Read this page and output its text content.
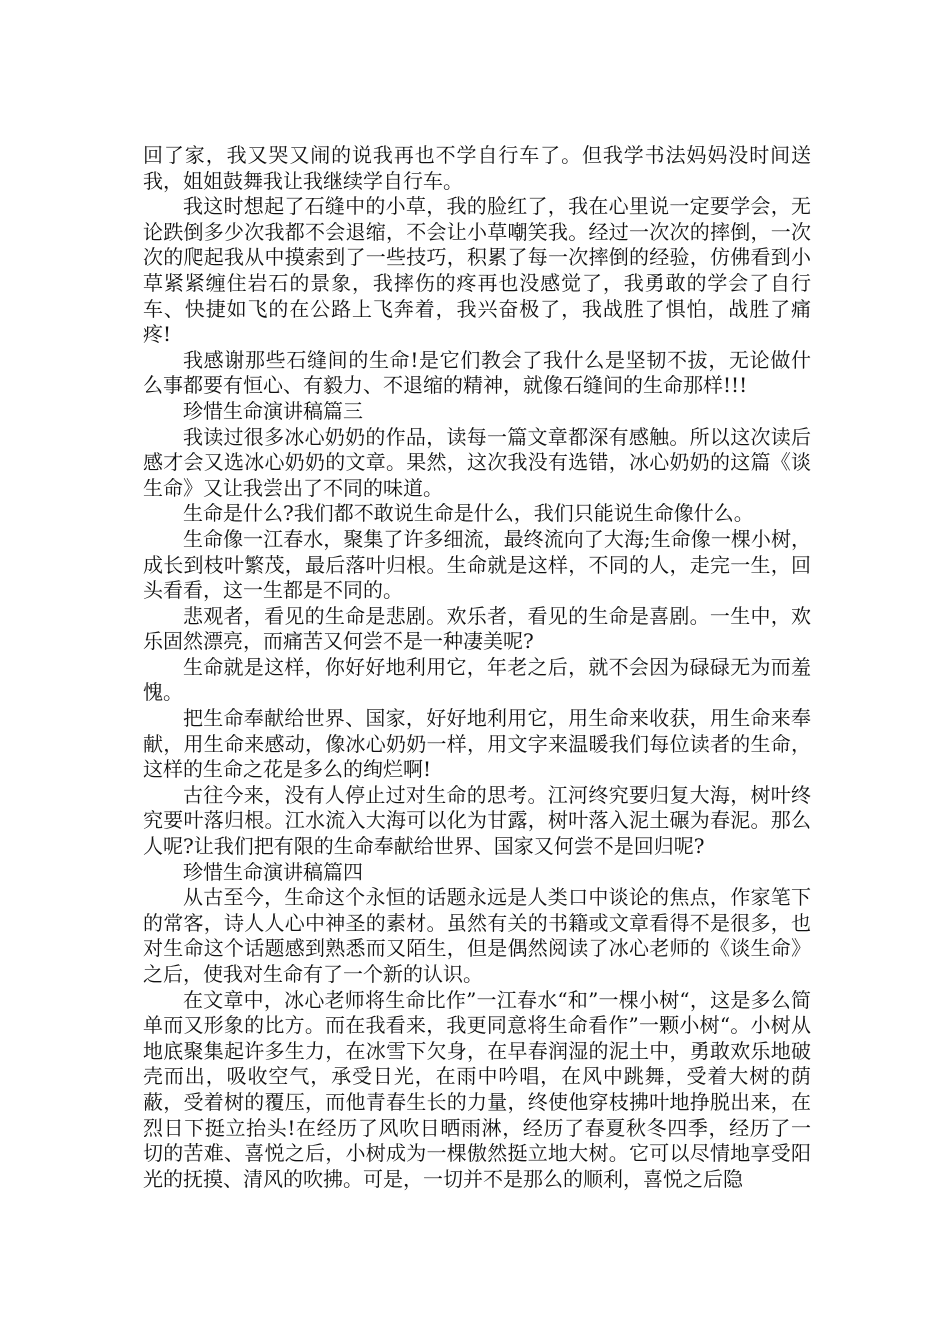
回了家，我又哭又闹的说我再也不学自行车了。但我学书法妈妈没时间送我，姐姐鼓舞我让我继续学自行车。

我这时想起了石缝中的小草，我的脸红了，我在心里说一定要学会，无论跌倒多少次我都不会退缩，不会让小草嘲笑我。经过一次次的摔倒，一次次的爬起我从中摸索到了一些技巧，积累了每一次摔倒的经验，仿佛看到小草紧紧缠住岩石的景象，我摔伤的疼再也没感觉了，我勇敢的学会了自行车、快捷如飞的在公路上飞奔着，我兴奋极了，我战胜了惧怕，战胜了痛疼!

我感谢那些石缝间的生命!是它们教会了我什么是坚韧不拔，无论做什么事都要有恒心、有毅力、不退缩的精神，就像石缝间的生命那样!!!

珍惜生命演讲稿篇三

我读过很多冰心奶奶的作品，读每一篇文章都深有感触。所以这次读后感才会又选冰心奶奶的文章。果然，这次我没有选错，冰心奶奶的这篇《谈生命》又让我尝出了不同的味道。

生命是什么?我们都不敢说生命是什么，我们只能说生命像什么。

生命像一江春水，聚集了许多细流，最终流向了大海;生命像一棵小树，成长到枝叶繁茂，最后落叶归根。生命就是这样，不同的人，走完一生，回头看看，这一生都是不同的。

悲观者，看见的生命是悲剧。欢乐者，看见的生命是喜剧。一生中，欢乐固然漂亮，而痛苦又何尝不是一种凄美呢?

生命就是这样，你好好地利用它，年老之后，就不会因为碌碌无为而羞愧。

把生命奉献给世界、国家，好好地利用它，用生命来收获，用生命来奉献，用生命来感动，像冰心奶奶一样，用文字来温暖我们每位读者的生命，这样的生命之花是多么的绚烂啊!

古往今来，没有人停止过对生命的思考。江河终究要归复大海，树叶终究要叶落归根。江水流入大海可以化为甘露，树叶落入泥土碾为春泥。那么人呢?让我们把有限的生命奉献给世界、国家又何尝不是回归呢?

珍惜生命演讲稿篇四

从古至今，生命这个永恒的话题永远是人类口中谈论的焦点，作家笔下的常客，诗人人心中神圣的素材。虽然有关的书籍或文章看得不是很多，也对生命这个话题感到熟悉而又陌生，但是偶然阅读了冰心老师的《谈生命》之后，使我对生命有了一个新的认识。

在文章中，冰心老师将生命比作”一江春水“和”一棵小树“，这是多么简单而又形象的比方。而在我看来，我更同意将生命看作”一颗小树“。小树从地底聚集起许多生力，在冰雪下欠身，在早春润湿的泥土中，勇敢欢乐地破壳而出，吸收空气，承受日光，在雨中吟唱，在风中跳舞，受着大树的荫蔽，受着树的覆压，而他青春生长的力量，终使他穿枝拂叶地挣脱出来，在烈日下挺立抬头!在经历了风吹日晒雨淋，经历了春夏秋冬四季，经历了一切的苦难、喜悦之后，小树成为一棵傲然挺立地大树。它可以尽情地享受阳光的抚摸、清风的吹拂。可是，一切并不是那么的顺利，喜悦之后隐
